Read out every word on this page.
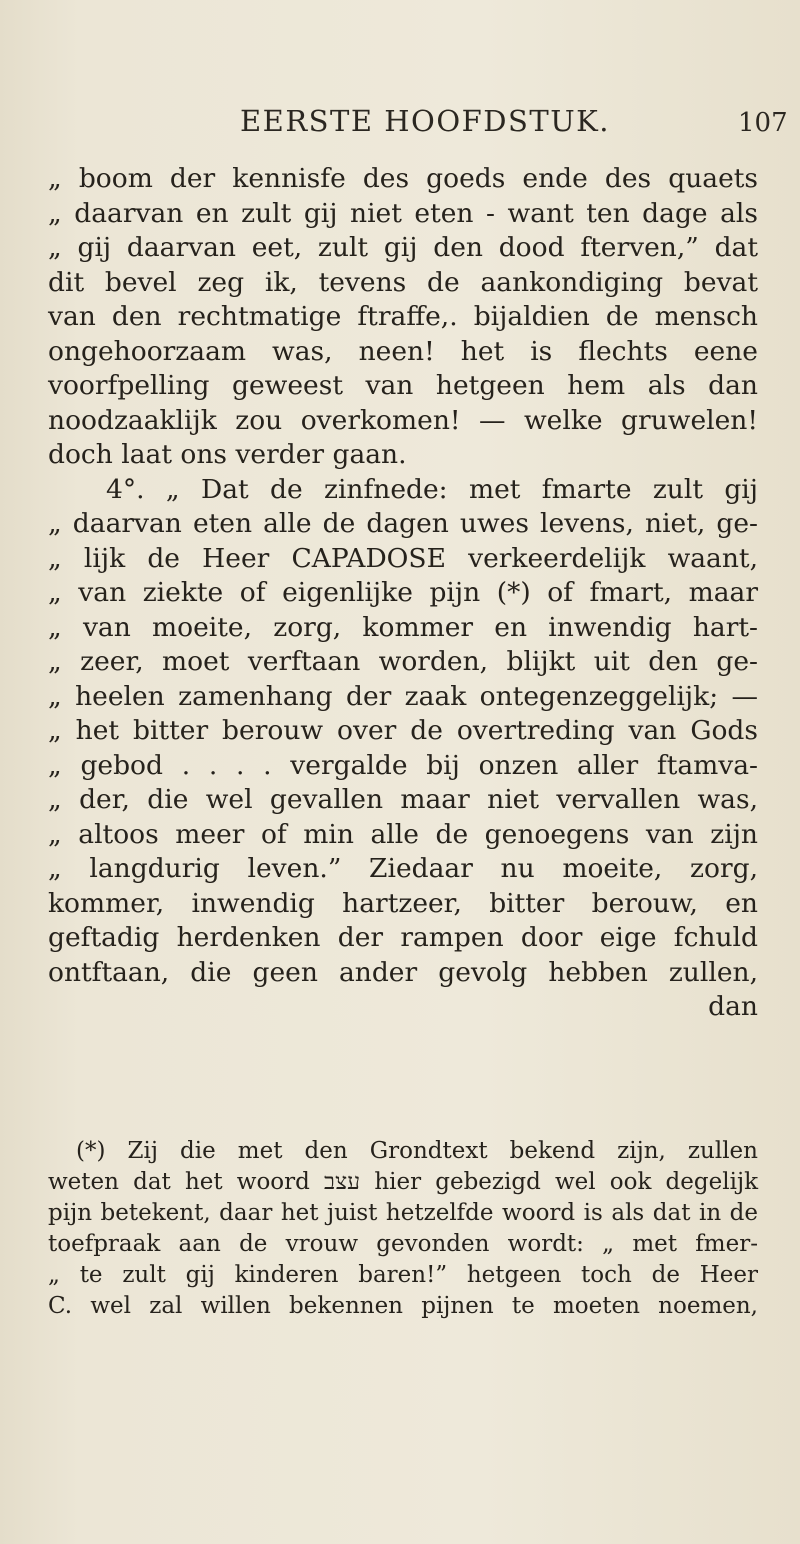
EERSTE HOOFDSTUK.	107
„ boom der kennisfe des goeds ende des quaets
„ daarvan en zult gij niet eten - want ten dage als
„ gij daarvan eet, zult gij den dood fterven,” dat
dit bevel zeg ik, tevens de aankondiging bevat
van den rechtmatige ftraffe,. bijaldien de mensch
ongehoorzaam was, neen! het is flechts eene
voorfpelling geweest van hetgeen hem als dan
noodzaaklijk zou overkomen! — welke gruwelen!
doch laat ons verder gaan.
4°. „ Dat de zinfnede: met fmarte zult gij
„ daarvan eten alle de dagen uwes levens, niet, ge-
„ lijk de Heer CAPADOSE verkeerdelijk waant,
„ van ziekte of eigenlijke pijn (*) of fmart, maar
„ van moeite, zorg, kommer en inwendig hart-
„ zeer, moet verftaan worden, blijkt uit den ge-
„ heelen zamenhang der zaak ontegenzeggelijk; —
„ het bitter berouw over de overtreding van Gods
„ gebod . . . . vergalde bij onzen aller ftamva-
„ der, die wel gevallen maar niet vervallen was,
„ altoos meer of min alle de genoegens van zijn
„ langdurig leven.” Ziedaar nu moeite, zorg,
kommer, inwendig hartzeer, bitter berouw, en
geftadig herdenken der rampen door eige fchuld
ontftaan, die geen ander gevolg hebben zullen,
dan
(*) Zij die met den Grondtext bekend zijn, zullen
weten dat het woord עצב hier gebezigd wel ook degelijk
pijn betekent, daar het juist hetzelfde woord is als dat in de
toefpraak aan de vrouw gevonden wordt: „ met fmer-
„ te zult gij kinderen baren!” hetgeen toch de Heer
C. wel zal willen bekennen pijnen te moeten noemen,
